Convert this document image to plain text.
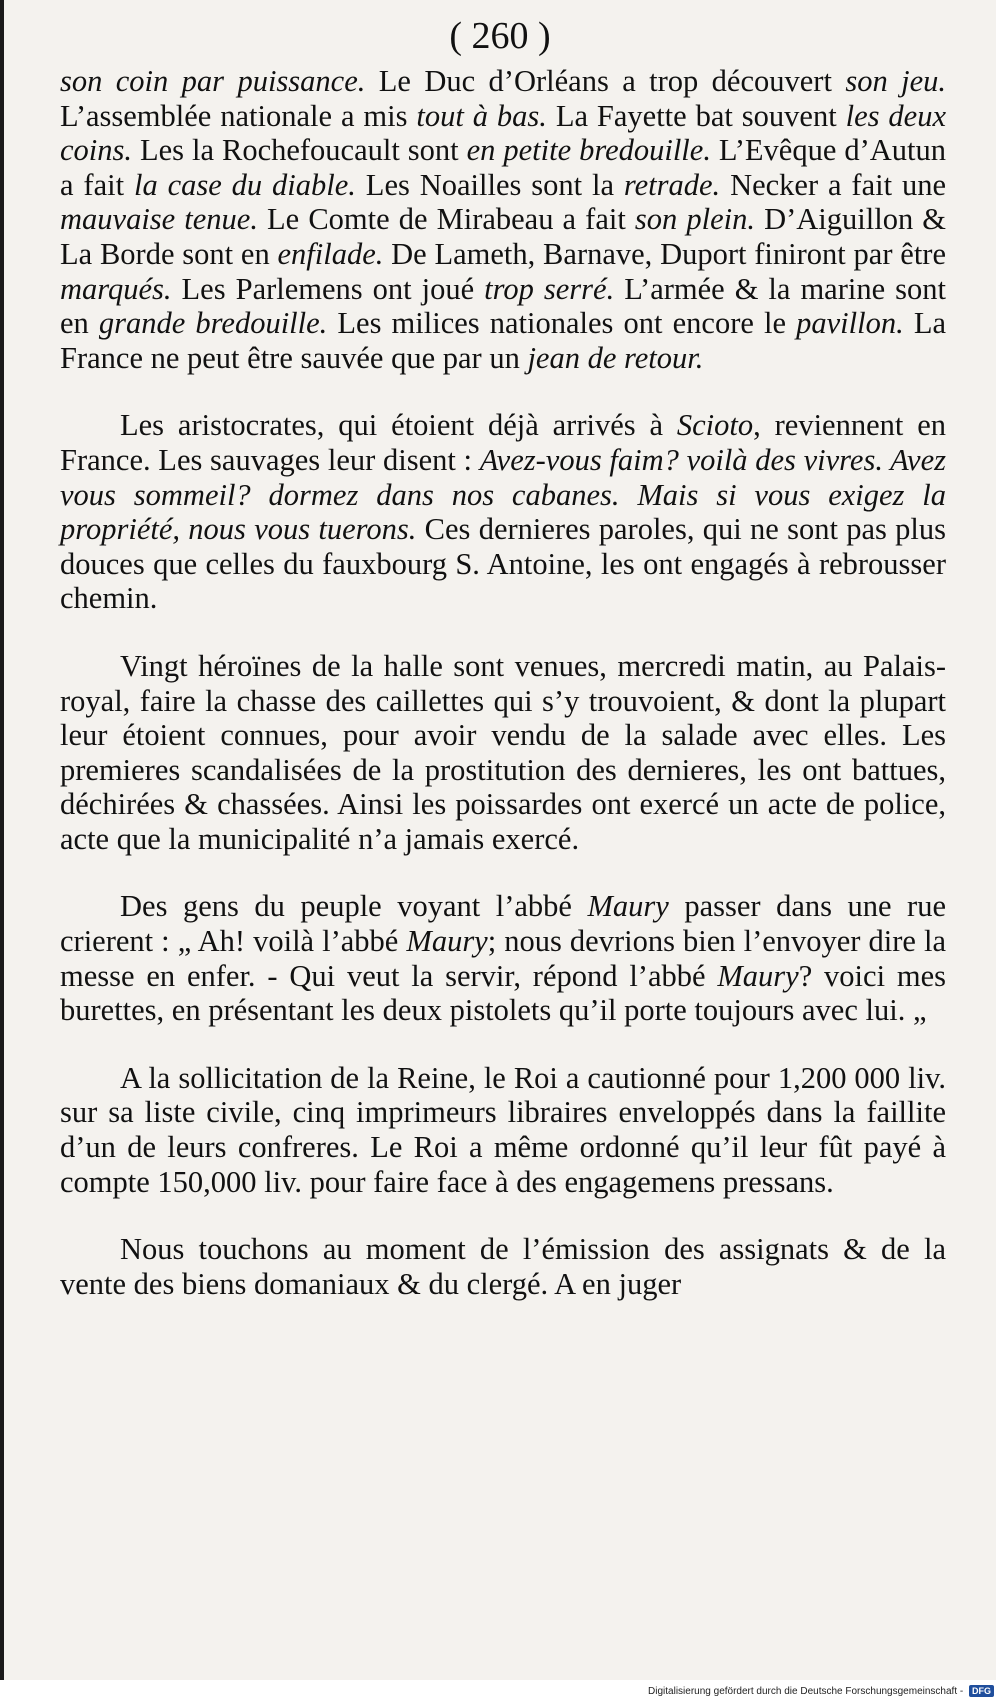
( 260 )

son coin par puissance. Le Duc d’Orléans a trop découvert son jeu. L’assemblée nationale a mis tout à bas. La Fayette bat souvent les deux coins. Les la Rochefoucault sont en petite bredouille. L’Evêque d’Autun a fait la case du diable. Les Noailles sont la retrade. Necker a fait une mauvaise tenue. Le Comte de Mirabeau a fait son plein. D’Aiguillon & La Borde sont en enfilade. De Lameth, Barnave, Duport finiront par être marqués. Les Parlemens ont joué trop serré. L’armée & la marine sont en grande bredouille. Les milices nationales ont encore le pavillon. La France ne peut être sauvée que par un jean de retour.

Les aristocrates, qui étoient déjà arrivés à Scioto, reviennent en France. Les sauvages leur disent : Avez-vous faim? voilà des vivres. Avez vous sommeil? dormez dans nos cabanes. Mais si vous exigez la propriété, nous vous tuerons. Ces dernieres paroles, qui ne sont pas plus douces que celles du fauxbourg S. Antoine, les ont engagés à rebrousser chemin.

Vingt héroïnes de la halle sont venues, mercredi matin, au Palais-royal, faire la chasse des caillettes qui s’y trouvoient, & dont la plupart leur étoient connues, pour avoir vendu de la salade avec elles. Les premieres scandalisées de la prostitution des dernieres, les ont battues, déchirées & chassées. Ainsi les poissardes ont exercé un acte de police, acte que la municipalité n’a jamais exercé.

Des gens du peuple voyant l’abbé Maury passer dans une rue crierent : „ Ah! voilà l’abbé Maury; nous devrions bien l’envoyer dire la messe en enfer. - Qui veut la servir, répond l’abbé Maury? voici mes burettes, en présentant les deux pistolets qu’il porte toujours avec lui. „

A la sollicitation de la Reine, le Roi a cautionné pour 1,200 000 liv. sur sa liste civile, cinq imprimeurs libraires enveloppés dans la faillite d’un de leurs confreres. Le Roi a même ordonné qu’il leur fût payé à compte 150,000 liv. pour faire face à des engagemens pressans.

Nous touchons au moment de l’émission des assignats & de la vente des biens domaniaux & du clergé. A en juger

Digitalisierung gefördert durch die Deutsche Forschungsgemeinschaft - DFG
